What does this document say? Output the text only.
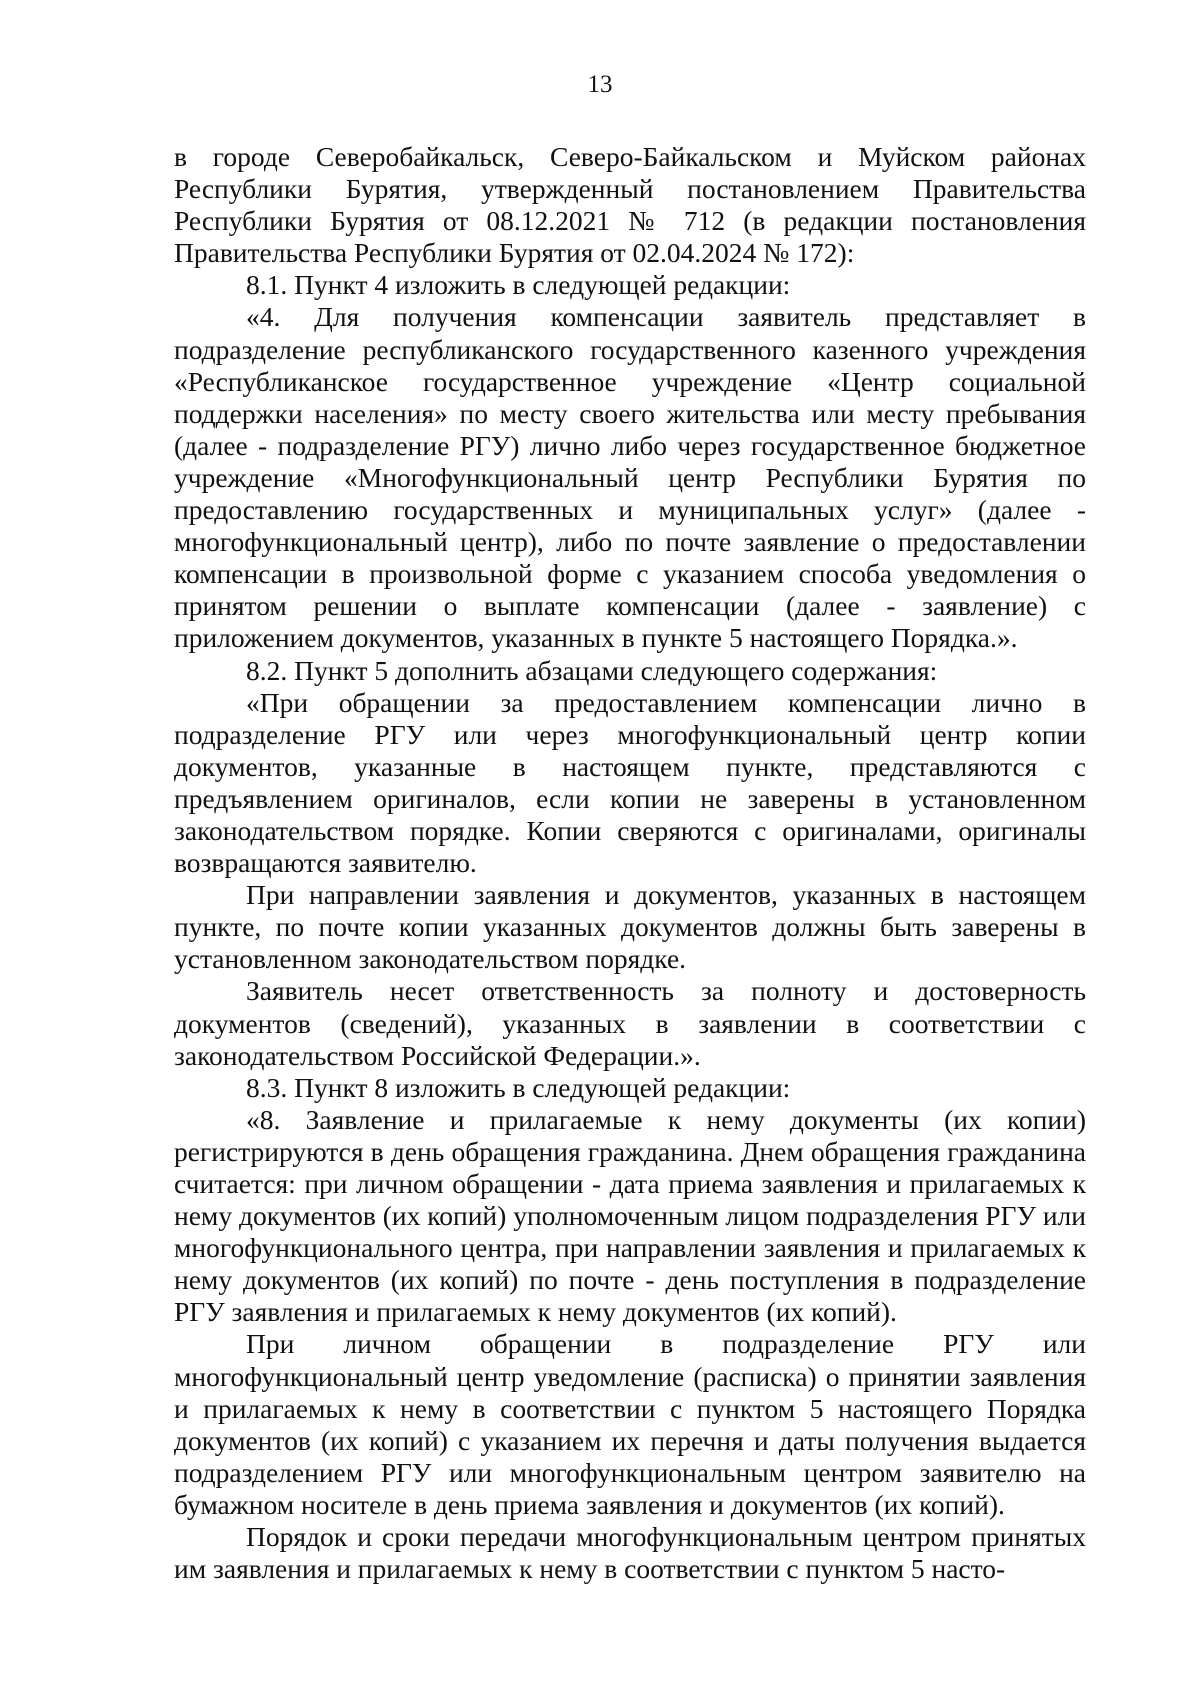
13

в городе Северобайкальск, Северо-Байкальском и Муйском районах Республики Бурятия, утвержденный постановлением Правительства Республики Бурятия от 08.12.2021 № 712 (в редакции постановления Правительства Республики Бурятия от 02.04.2024 № 172):

8.1. Пункт 4 изложить в следующей редакции:

«4. Для получения компенсации заявитель представляет в подразделение республиканского государственного казенного учреждения «Республиканское государственное учреждение «Центр социальной поддержки населения» по месту своего жительства или месту пребывания (далее - подразделение РГУ) лично либо через государственное бюджетное учреждение «Многофункциональный центр Республики Бурятия по предоставлению государственных и муниципальных услуг» (далее - многофункциональный центр), либо по почте заявление о предоставлении компенсации в произвольной форме с указанием способа уведомления о принятом решении о выплате компенсации (далее - заявление) с приложением документов, указанных в пункте 5 настоящего Порядка.».

8.2. Пункт 5 дополнить абзацами следующего содержания:

«При обращении за предоставлением компенсации лично в подразделение РГУ или через многофункциональный центр копии документов, указанные в настоящем пункте, представляются с предъявлением оригиналов, если копии не заверены в установленном законодательством порядке. Копии сверяются с оригиналами, оригиналы возвращаются заявителю.

При направлении заявления и документов, указанных в настоящем пункте, по почте копии указанных документов должны быть заверены в установленном законодательством порядке.

Заявитель несет ответственность за полноту и достоверность документов (сведений), указанных в заявлении в соответствии с законодательством Российской Федерации.».

8.3. Пункт 8 изложить в следующей редакции:

«8. Заявление и прилагаемые к нему документы (их копии) регистрируются в день обращения гражданина. Днем обращения гражданина считается: при личном обращении - дата приема заявления и прилагаемых к нему документов (их копий) уполномоченным лицом подразделения РГУ или многофункционального центра, при направлении заявления и прилагаемых к нему документов (их копий) по почте - день поступления в подразделение РГУ заявления и прилагаемых к нему документов (их копий).

При личном обращении в подразделение РГУ или многофункциональный центр уведомление (расписка) о принятии заявления и прилагаемых к нему в соответствии с пунктом 5 настоящего Порядка документов (их копий) с указанием их перечня и даты получения выдается подразделением РГУ или многофункциональным центром заявителю на бумажном носителе в день приема заявления и документов (их копий).

Порядок и сроки передачи многофункциональным центром принятых им заявления и прилагаемых к нему в соответствии с пунктом 5 насто-
